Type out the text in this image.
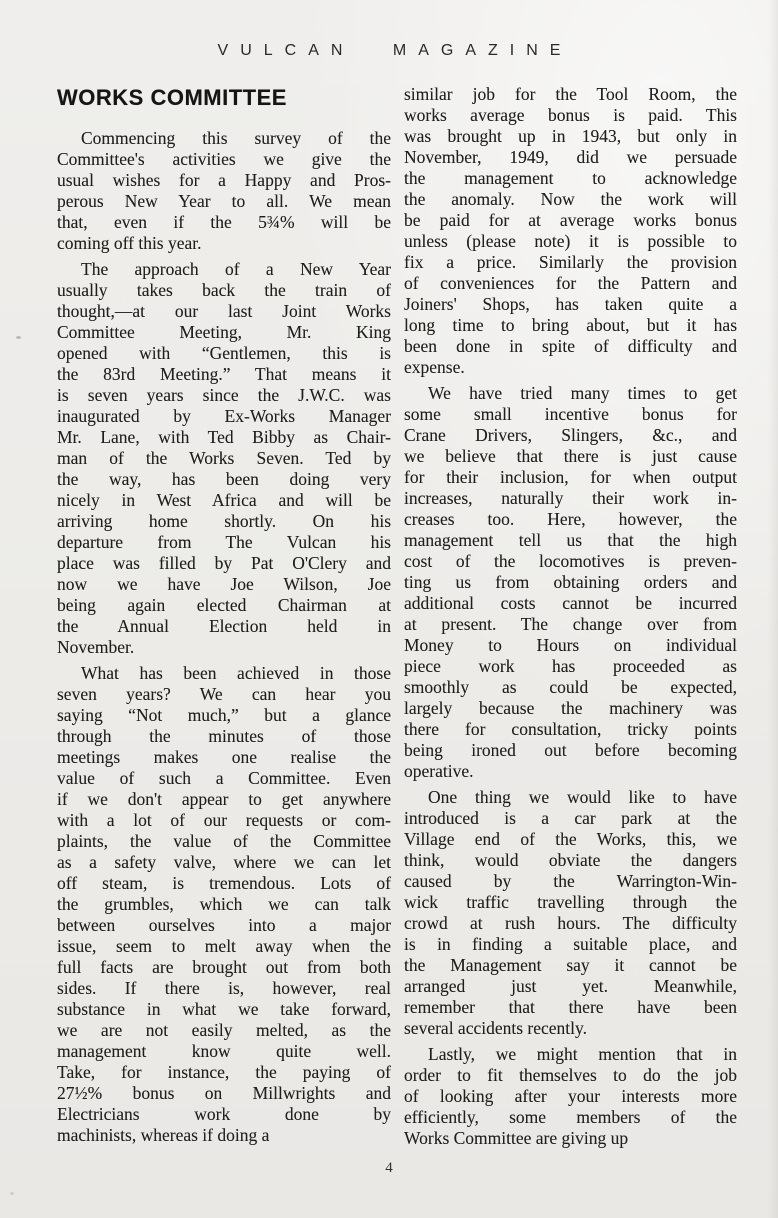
VULCAN MAGAZINE
WORKS COMMITTEE
Commencing this survey of the
Committee's activities we give the
usual wishes for a Happy and Pros-
perous New Year to all. We mean
that, even if the 5¾% will be
coming off this year.
The approach of a New Year
usually takes back the train of
thought,—at our last Joint Works
Committee Meeting, Mr. King
opened with “Gentlemen, this is
the 83rd Meeting.” That means it
is seven years since the J.W.C. was
inaugurated by Ex-Works Manager
Mr. Lane, with Ted Bibby as Chair-
man of the Works Seven. Ted by
the way, has been doing very
nicely in West Africa and will be
arriving home shortly. On his
departure from The Vulcan his
place was filled by Pat O'Clery and
now we have Joe Wilson, Joe
being again elected Chairman at
the Annual Election held in
November.
What has been achieved in those
seven years? We can hear you
saying “Not much,” but a glance
through the minutes of those
meetings makes one realise the
value of such a Committee. Even
if we don't appear to get anywhere
with a lot of our requests or com-
plaints, the value of the Committee
as a safety valve, where we can let
off steam, is tremendous. Lots of
the grumbles, which we can talk
between ourselves into a major
issue, seem to melt away when the
full facts are brought out from both
sides. If there is, however, real
substance in what we take forward,
we are not easily melted, as the
management know quite well.
Take, for instance, the paying of
27½% bonus on Millwrights and
Electricians work done by
machinists, whereas if doing a
similar job for the Tool Room, the
works average bonus is paid. This
was brought up in 1943, but only in
November, 1949, did we persuade
the management to acknowledge
the anomaly. Now the work will
be paid for at average works bonus
unless (please note) it is possible to
fix a price. Similarly the provision
of conveniences for the Pattern and
Joiners' Shops, has taken quite a
long time to bring about, but it has
been done in spite of difficulty and
expense.
We have tried many times to get
some small incentive bonus for
Crane Drivers, Slingers, &c., and
we believe that there is just cause
for their inclusion, for when output
increases, naturally their work in-
creases too. Here, however, the
management tell us that the high
cost of the locomotives is preven-
ting us from obtaining orders and
additional costs cannot be incurred
at present. The change over from
Money to Hours on individual
piece work has proceeded as
smoothly as could be expected,
largely because the machinery was
there for consultation, tricky points
being ironed out before becoming
operative.
One thing we would like to have
introduced is a car park at the
Village end of the Works, this, we
think, would obviate the dangers
caused by the Warrington-Win-
wick traffic travelling through the
crowd at rush hours. The difficulty
is in finding a suitable place, and
the Management say it cannot be
arranged just yet. Meanwhile,
remember that there have been
several accidents recently.
Lastly, we might mention that in
order to fit themselves to do the job
of looking after your interests more
efficiently, some members of the
Works Committee are giving up
4
